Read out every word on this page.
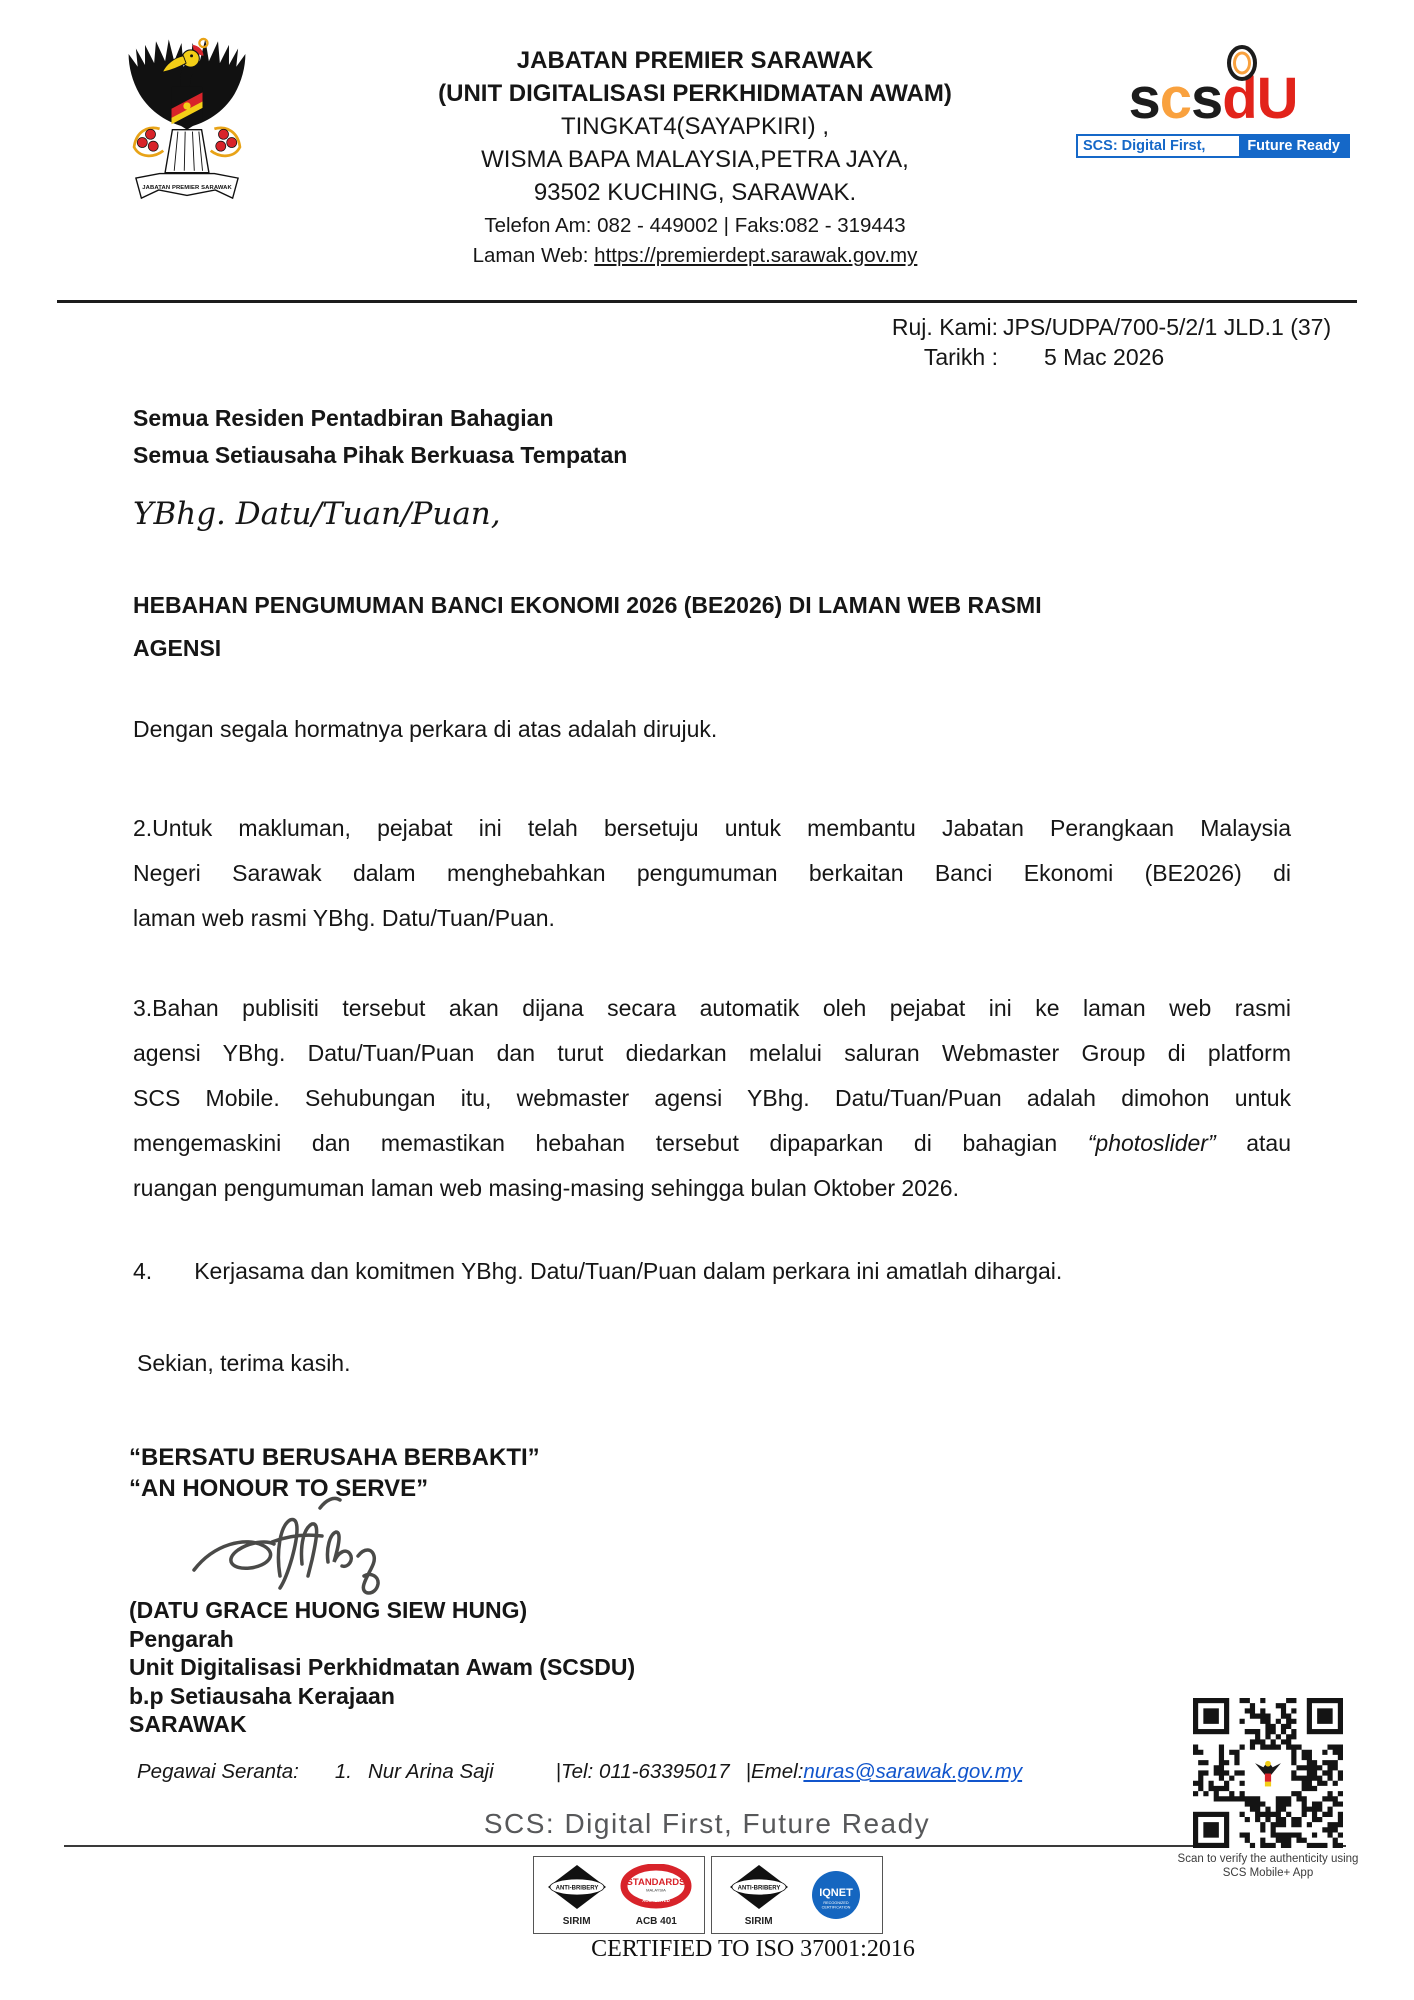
JABATAN PREMIER SARAWAK
JABATAN PREMIER SARAWAK
(UNIT DIGITALISASI PERKHIDMATAN AWAM)
TINGKAT4(SAYAPKIRI) ,
WISMA BAPA MALAYSIA,PETRA JAYA,
93502 KUCHING, SARAWAK.
Telefon Am: 082 - 449002 | Faks:082 - 319443
Laman Web: https://premierdept.sarawak.gov.my
scsdU
SCS: Digital First,	Future Ready
Ruj. Kami: JPS/UDPA/700-5/2/1 JLD.1 (37)
Tarikh : 5 Mac 2026
Semua Residen Pentadbiran Bahagian
Semua Setiausaha Pihak Berkuasa Tempatan
YBhg. Datu/Tuan/Puan,
HEBAHAN PENGUMUMAN BANCI EKONOMI 2026 (BE2026) DI LAMAN WEB RASMI
AGENSI
Dengan segala hormatnya perkara di atas adalah dirujuk.
2.Untuk makluman, pejabat ini telah bersetuju untuk membantu Jabatan Perangkaan Malaysia
Negeri Sarawak dalam menghebahkan pengumuman berkaitan Banci Ekonomi (BE2026) di
laman web rasmi YBhg. Datu/Tuan/Puan.
3.Bahan publisiti tersebut akan dijana secara automatik oleh pejabat ini ke laman web rasmi
agensi YBhg. Datu/Tuan/Puan dan turut diedarkan melalui saluran Webmaster Group di platform
SCS Mobile. Sehubungan itu, webmaster agensi YBhg. Datu/Tuan/Puan adalah dimohon untuk
mengemaskini dan memastikan hebahan tersebut dipaparkan di bahagian “photoslider” atau
ruangan pengumuman laman web masing-masing sehingga bulan Oktober 2026.
4. Kerjasama dan komitmen YBhg. Datu/Tuan/Puan dalam perkara ini amatlah dihargai.
Sekian, terima kasih.
“BERSATU BERUSAHA BERBAKTI”
“AN HONOUR TO SERVE”
(DATU GRACE HUONG SIEW HUNG)
Pengarah
Unit Digitalisasi Perkhidmatan Awam (SCSDU)
b.p Setiausaha Kerajaan
SARAWAK
Pegawai Seranta: 1. Nur Arina Saji	|Tel: 011-63395017 |Emel:nuras@sarawak.gov.my
SCS: Digital First, Future Ready
ANTI-BRIBERY
SIRIM
STANDARDS
MALAYSIA
ACCREDITED
ACB 401
ANTI-BRIBERY
SIRIM
IQNET
RECOGNIZED
CERTIFICATION
CERTIFIED TO ISO 37001:2016
Scan to verify the authenticity using
SCS Mobile+ App
